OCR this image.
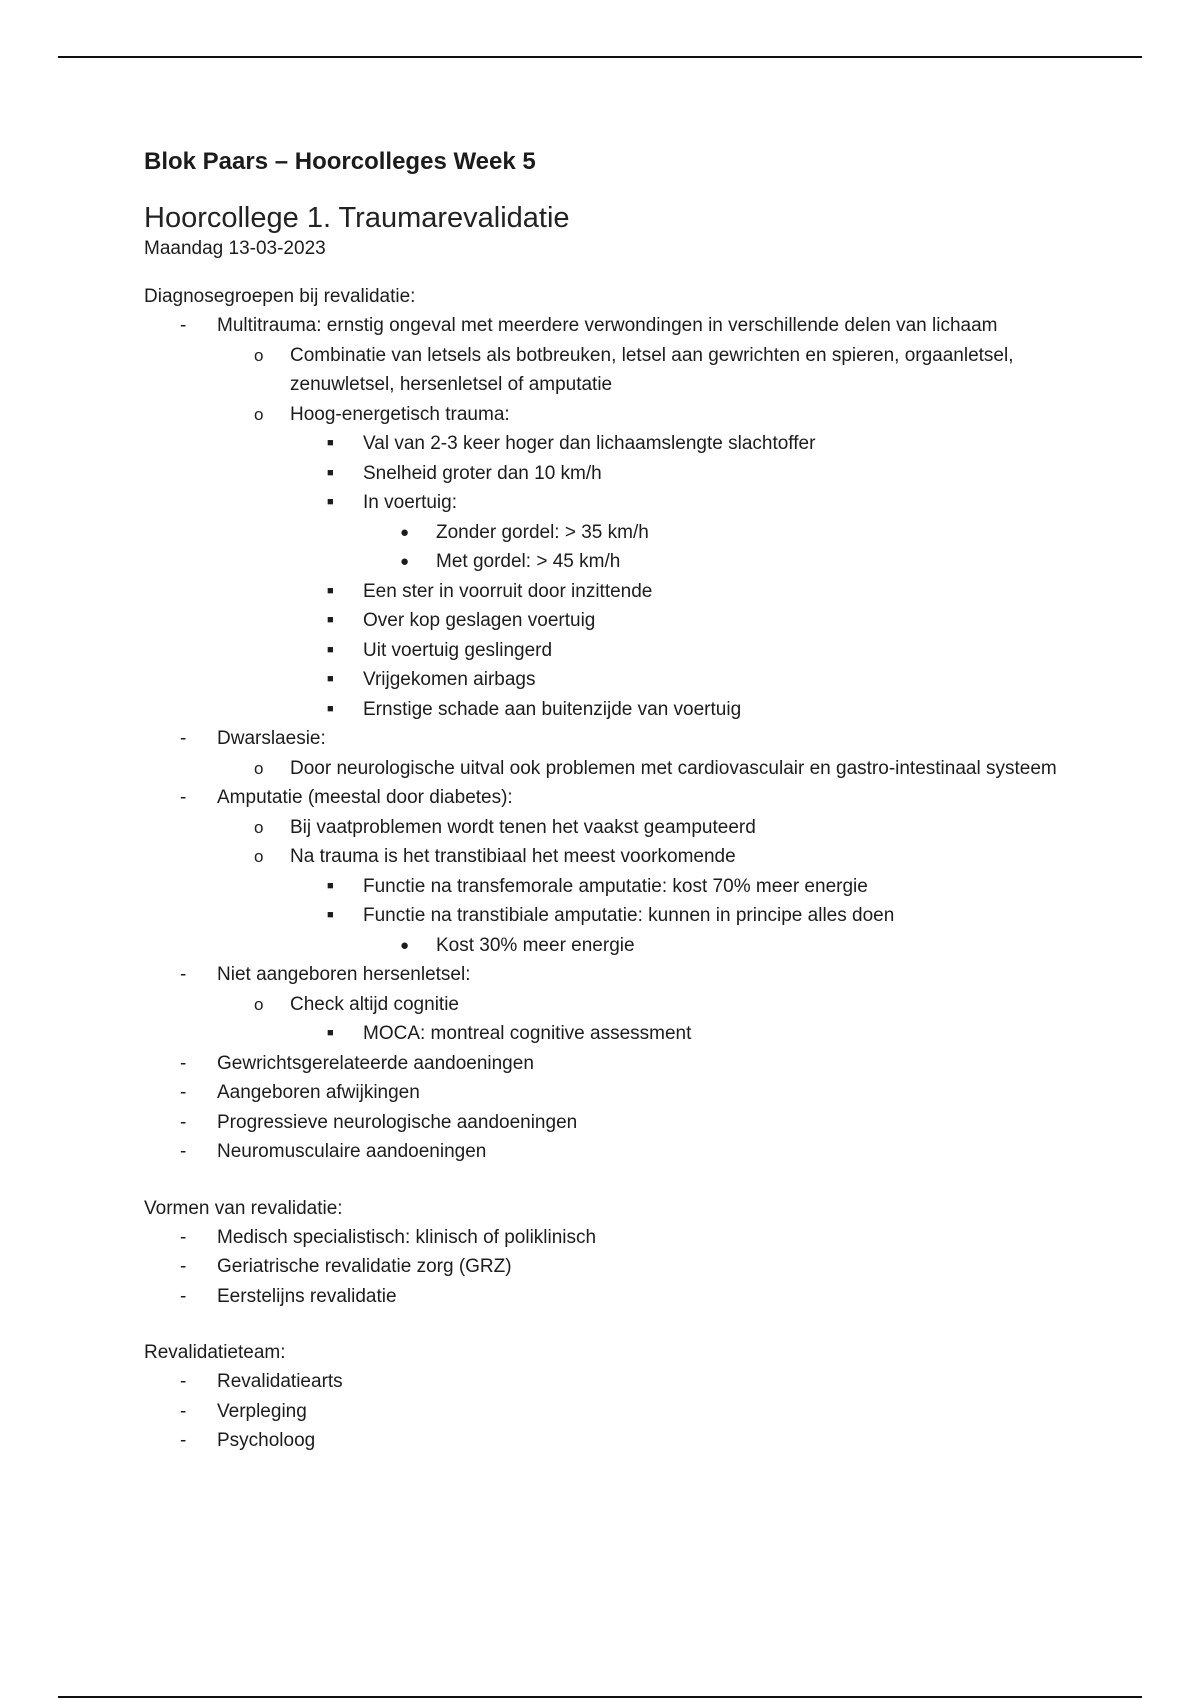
Blok Paars – Hoorcolleges Week 5
Hoorcollege 1. Traumarevalidatie
Maandag 13-03-2023
Diagnosegroepen bij revalidatie:
- Multitrauma: ernstig ongeval met meerdere verwondingen in verschillende delen van lichaam
o Combinatie van letsels als botbreuken, letsel aan gewrichten en spieren, orgaanletsel, zenuwletsel, hersenletsel of amputatie
o Hoog-energetisch trauma:
■ Val van 2-3 keer hoger dan lichaamslengte slachtoffer
■ Snelheid groter dan 10 km/h
■ In voertuig:
● Zonder gordel: > 35 km/h
● Met gordel: > 45 km/h
■ Een ster in voorruit door inzittende
■ Over kop geslagen voertuig
■ Uit voertuig geslingerd
■ Vrijgekomen airbags
■ Ernstige schade aan buitenzijde van voertuig
- Dwarslaesie:
o Door neurologische uitval ook problemen met cardiovasculair en gastro-intestinaal systeem
- Amputatie (meestal door diabetes):
o Bij vaatproblemen wordt tenen het vaakst geamputeerd
o Na trauma is het transtibiaal het meest voorkomende
■ Functie na transfemorale amputatie: kost 70% meer energie
■ Functie na transtibiale amputatie: kunnen in principe alles doen
● Kost 30% meer energie
- Niet aangeboren hersenletsel:
o Check altijd cognitie
■ MOCA: montreal cognitive assessment
- Gewrichtsgerelateerde aandoeningen
- Aangeboren afwijkingen
- Progressieve neurologische aandoeningen
- Neuromusculaire aandoeningen
Vormen van revalidatie:
- Medisch specialistisch: klinisch of poliklinisch
- Geriatrische revalidatie zorg (GRZ)
- Eerstelijns revalidatie
Revalidatieteam:
- Revalidatiearts
- Verpleging
- Psycholoog
